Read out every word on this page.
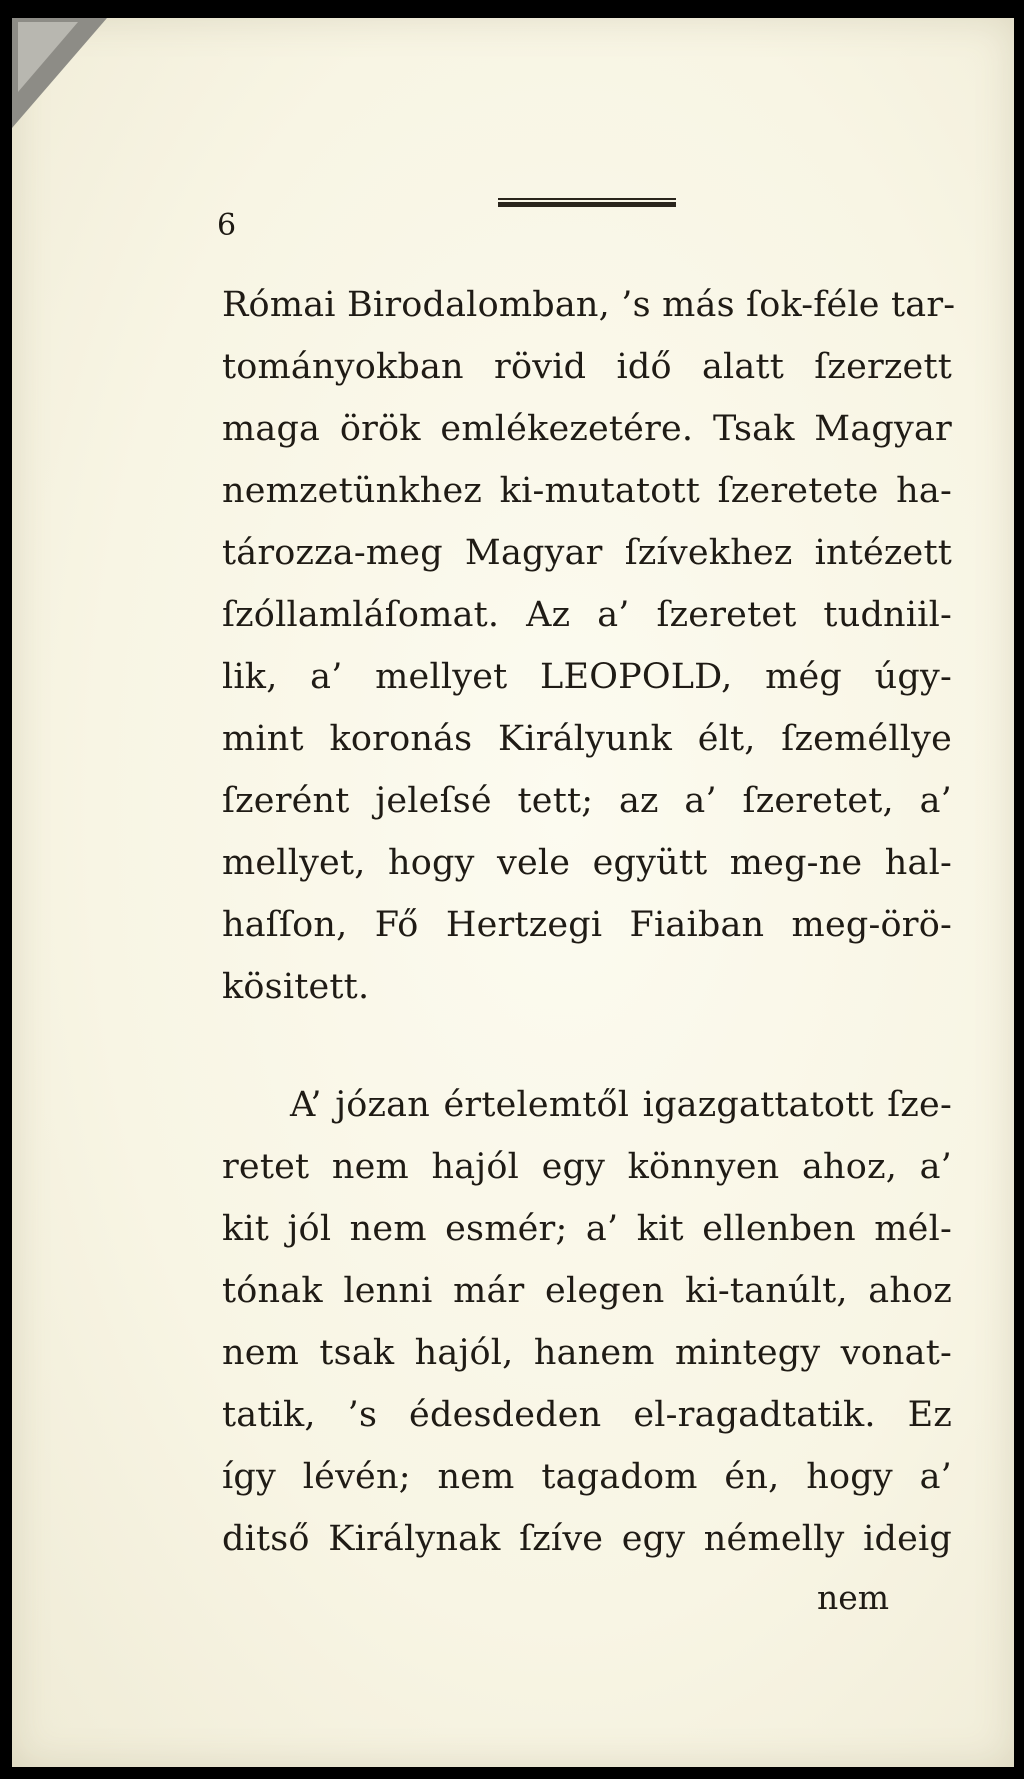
6
Római Birodalomban, ’s más ſok-féle tar-
tományokban rövid idő alatt ſzerzett
maga örök emlékezetére. Tsak Magyar
nemzetünkhez ki-mutatott ſzeretete ha-
tározza-meg Magyar ſzívekhez intézett
ſzóllamláſomat. Az a’ ſzeretet tudniil-
lik, a’ mellyet LEOPOLD, még úgy-
mint koronás Királyunk élt, ſzeméllye
ſzerént jeleſsé tett; az a’ ſzeretet, a’
mellyet, hogy vele együtt meg-ne hal-
haſſon, Fő Hertzegi Fiaiban meg-örö-
kösitett.
A’ józan értelemtől igazgattatott ſze-
retet nem hajól egy könnyen ahoz, a’
kit jól nem esmér; a’ kit ellenben mél-
tónak lenni már elegen ki-tanúlt, ahoz
nem tsak hajól, hanem mintegy vonat-
tatik, ’s édesdeden el-ragadtatik. Ez
így lévén; nem tagadom én, hogy a’
ditső Királynak ſzíve egy némelly ideig
nem
